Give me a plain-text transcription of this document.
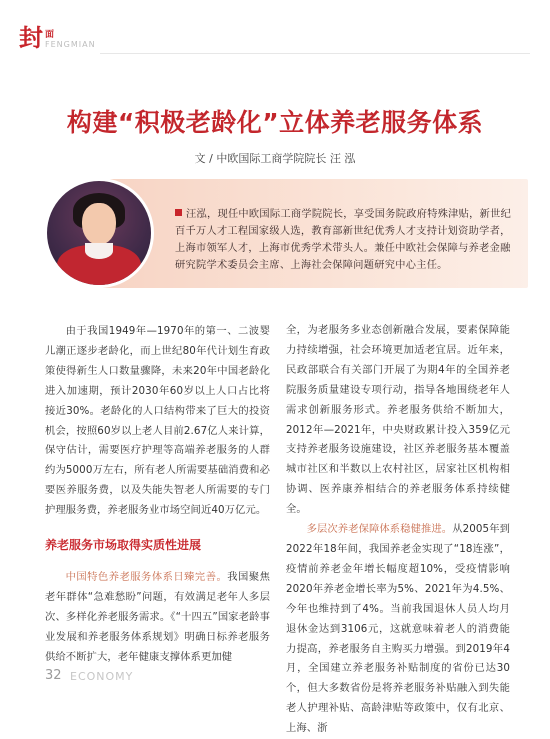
封 面
FENGMIAN
构建“积极老龄化”立体养老服务体系
文 / 中欧国际工商学院院长 汪 泓
汪泓，现任中欧国际工商学院院长，享受国务院政府特殊津贴，新世纪百千万人才工程国家级人选，教育部新世纪优秀人才支持计划资助学者，上海市领军人才，上海市优秀学术带头人。兼任中欧社会保障与养老金融研究院学术委员会主席、上海社会保障问题研究中心主任。

由于我国1949年—1970年的第一、二波婴儿潮正逐步老龄化，而上世纪80年代计划生育政策使得新生人口数量骤降，未来20年中国老龄化进入加速期，预计2030年60岁以上人口占比将接近30%。老龄化的人口结构带来了巨大的投资机会，按照60岁以上老人目前2.67亿人来计算，保守估计，需要医疗护理等高端养老服务的人群约为5000万左右，所有老人所需要基础消费和必要医养服务费，以及失能失智老人所需要的专门护理服务费，养老服务业市场空间近40万亿元。

养老服务市场取得实质性进展

中国特色养老服务体系日臻完善。我国聚焦老年群体“急难愁盼”问题，有效满足老年人多层次、多样化养老服务需求。《“十四五”国家老龄事业发展和养老服务体系规划》明确日标养老服务供给不断扩大，老年健康支撑体系更加健

全，为老服务多业态创新融合发展，要素保障能力持续增强，社会环境更加适老宜居。近年来，民政部联合有关部门开展了为期4年的全国养老院服务质量建设专项行动，指导各地围绕老年人需求创新服务形式。养老服务供给不断加大，2012年—2021年，中央财政累计投入359亿元支持养老服务设施建设，社区养老服务基本覆盖城市社区和半数以上农村社区，居家社区机构相协调、医养康养相结合的养老服务体系持续健全。

多层次养老保障体系稳健推进。从2005年到2022年18年间，我国养老金实现了“18连涨”，疫情前养老金年增长幅度超10%，受疫情影响2020年养老金增长率为5%、2021年为4.5%、今年也维持到了4%。当前我国退休人员人均月退休金达到3106元，这就意味着老人的消费能力提高，养老服务自主购买力增强。到2019年4月，全国建立养老服务补贴制度的省份已达30个，但大多数省份是将养老服务补贴融入到失能老人护理补贴、高龄津贴等政策中，仅有北京、上海、浙

32 ECONOMY
